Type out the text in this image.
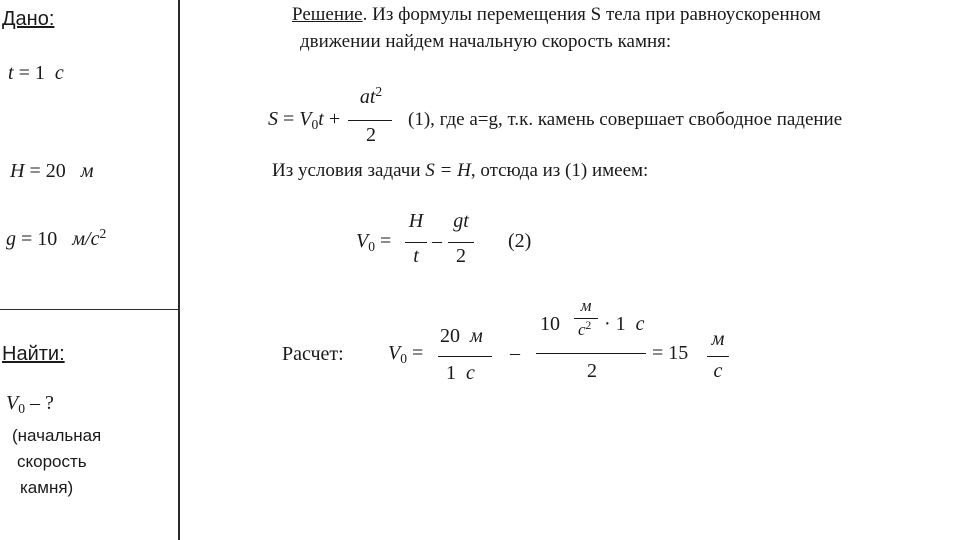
Дано:
t = 1 с
H = 20 м
g = 10 $м/с^2$
Найти:
V0 – ?
(начальная
скорость
камня)
Решение. Из формулы перемещения S тела при равноускоренном
движении найдем начальную скорость камня:
S = V0t +
$at^2$
2
(1), где a=g, т.к. камень совершает свободное падение
Из условия задачи S = H, отсюда из (1) имеем:
V0 =
H
t
–
gt
2
(2)
Расчет: V0 =
20 м
1 с
–
10
м
$с^2 \cdot 1$ с
2
= 15
м
с
